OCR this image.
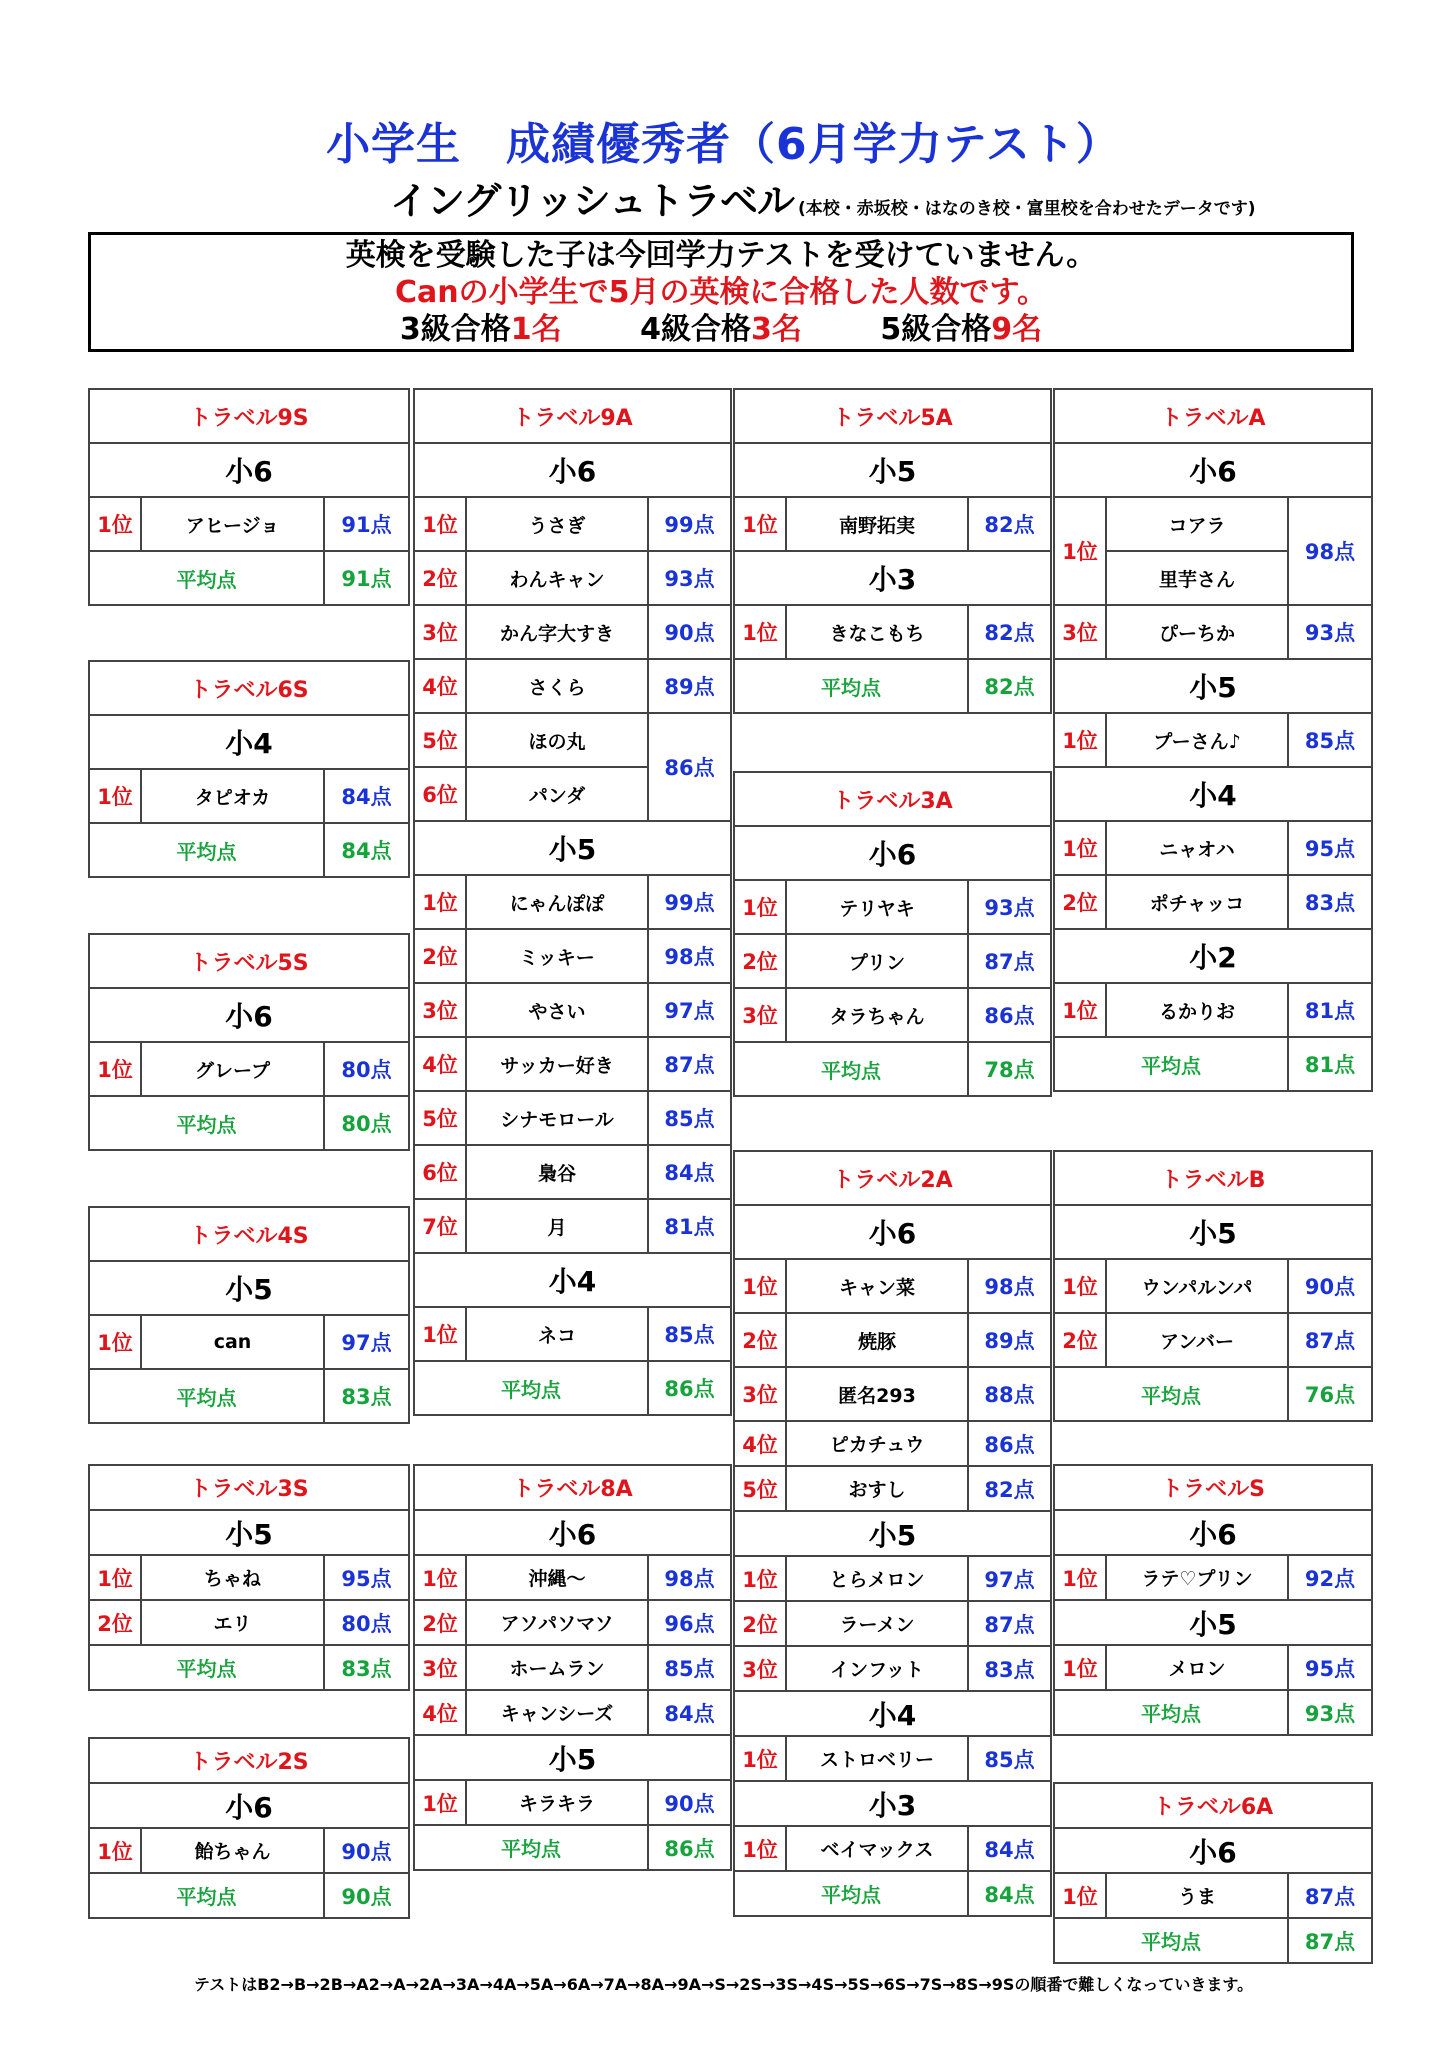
小学生　成績優秀者（6月学力テスト）
イングリッシュトラベル (本校・赤坂校・はなのき校・富里校を合わせたデータです)
英検を受験した子は今回学力テストを受けていません。
Canの小学生で5月の英検に合格した人数です。
3級合格1名	4級合格3名	5級合格9名
トラベル9S		
小6		
1位	アヒージョ	91点
平均点		91点
トラベル6S		
小4		
1位	タピオカ	84点
平均点		84点
トラベル5S		
小6		
1位	グレープ	80点
平均点		80点
トラベル4S		
小5		
1位	can	97点
平均点		83点
トラベル3S		
小5		
1位	ちゃね	95点
2位	エリ	80点
平均点		83点
トラベル2S		
小6		
1位	飴ちゃん	90点
平均点		90点
トラベル9A		
小6		
1位	うさぎ	99点
2位	わんキャン	93点
3位	かん字大すき	90点
4位	さくら	89点
5位	ほの丸	86点
6位	パンダ	
小5		
1位	にゃんぽぽ	99点
2位	ミッキー	98点
3位	やさい	97点
4位	サッカー好き	87点
5位	シナモロール	85点
6位	梟谷	84点
7位	月	81点
小4		
1位	ネコ	85点
平均点		86点
トラベル8A		
小6		
1位	沖縄～	98点
2位	アソパソマソ	96点
3位	ホームラン	85点
4位	キャンシーズ	84点
小5		
1位	キラキラ	90点
平均点		86点
トラベル5A		
小5		
1位	南野拓実	82点
小3		
1位	きなこもち	82点
平均点		82点
トラベル3A		
小6		
1位	テリヤキ	93点
2位	プリン	87点
3位	タラちゃん	86点
平均点		78点
トラベル2A		
小6		
1位	キャン菜	98点
2位	焼豚	89点
3位	匿名293	88点
4位	ピカチュウ	86点
5位	おすし	82点
小5		
1位	とらメロン	97点
2位	ラーメン	87点
3位	インフット	83点
小4		
1位	ストロベリー	85点
小3		
1位	ベイマックス	84点
平均点		84点
トラベルA		
小6		
1位	コアラ	98点
	里芋さん	
3位	ぴーちか	93点
小5		
1位	プーさん♪	85点
小4		
1位	ニャオハ	95点
2位	ポチャッコ	83点
小2		
1位	るかりお	81点
平均点		81点
トラベルB		
小5		
1位	ウンパルンパ	90点
2位	アンバー	87点
平均点		76点
トラベルS		
小6		
1位	ラテ♡プリン	92点
小5		
1位	メロン	95点
平均点		93点
トラベル6A		
小6		
1位	うま	87点
平均点		87点
テストはB2→B→2B→A2→A→2A→3A→4A→5A→6A→7A→8A→9A→S→2S→3S→4S→5S→6S→7S→8S→9Sの順番で難しくなっていきます。
